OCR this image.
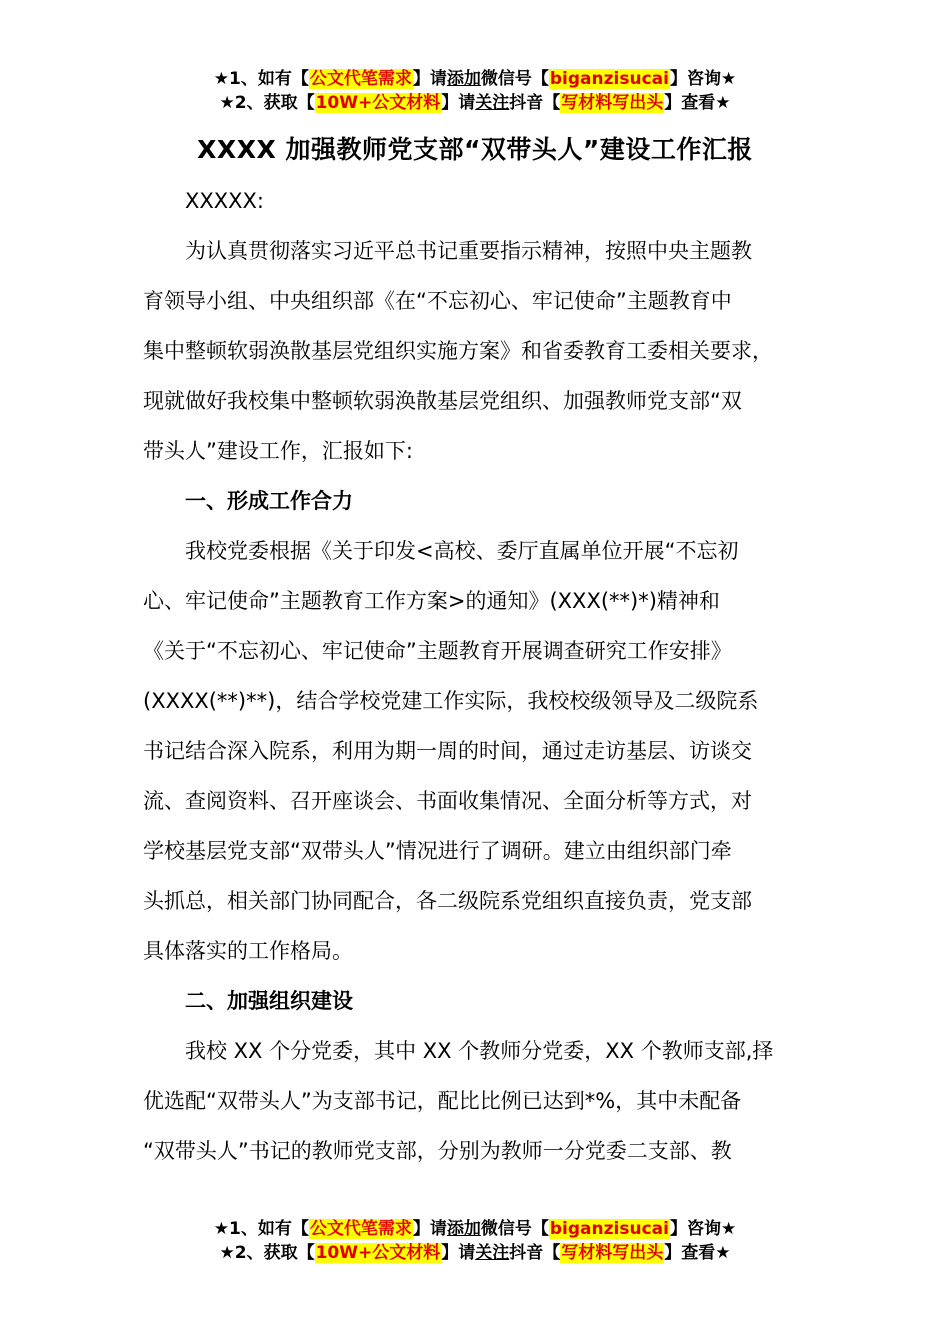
★1、如有【公文代笔需求】请添加微信号【biganzisucai】咨询★
★2、获取【10W+公文材料】请关注抖音【写材料写出头】查看★
XXXX 加强教师党支部“双带头人”建设工作汇报

XXXXX:

为认真贯彻落实习近平总书记重要指示精神，按照中央主题教

育领导小组、中央组织部《在“不忘初心、牢记使命”主题教育中

集中整顿软弱涣散基层党组织实施方案》和省委教育工委相关要求，

现就做好我校集中整顿软弱涣散基层党组织、加强教师党支部“双

带头人”建设工作，汇报如下:

一、形成工作合力

我校党委根据《关于印发<高校、委厅直属单位开展“不忘初

心、牢记使命”主题教育工作方案>的通知》(XXX(**)*)精神和

《关于“不忘初心、牢记使命”主题教育开展调查研究工作安排》

(XXXX(**)**)，结合学校党建工作实际，我校校级领导及二级院系

书记结合深入院系，利用为期一周的时间，通过走访基层、访谈交

流、查阅资料、召开座谈会、书面收集情况、全面分析等方式，对

学校基层党支部“双带头人”情况进行了调研。建立由组织部门牵

头抓总，相关部门协同配合，各二级院系党组织直接负责，党支部

具体落实的工作格局。

二、加强组织建设

我校 XX 个分党委，其中 XX 个教师分党委，XX 个教师支部,择

优选配“双带头人”为支部书记，配比比例已达到*%，其中未配备

“双带头人”书记的教师党支部，分别为教师一分党委二支部、教

★1、如有【公文代笔需求】请添加微信号【biganzisucai】咨询★
★2、获取【10W+公文材料】请关注抖音【写材料写出头】查看★
